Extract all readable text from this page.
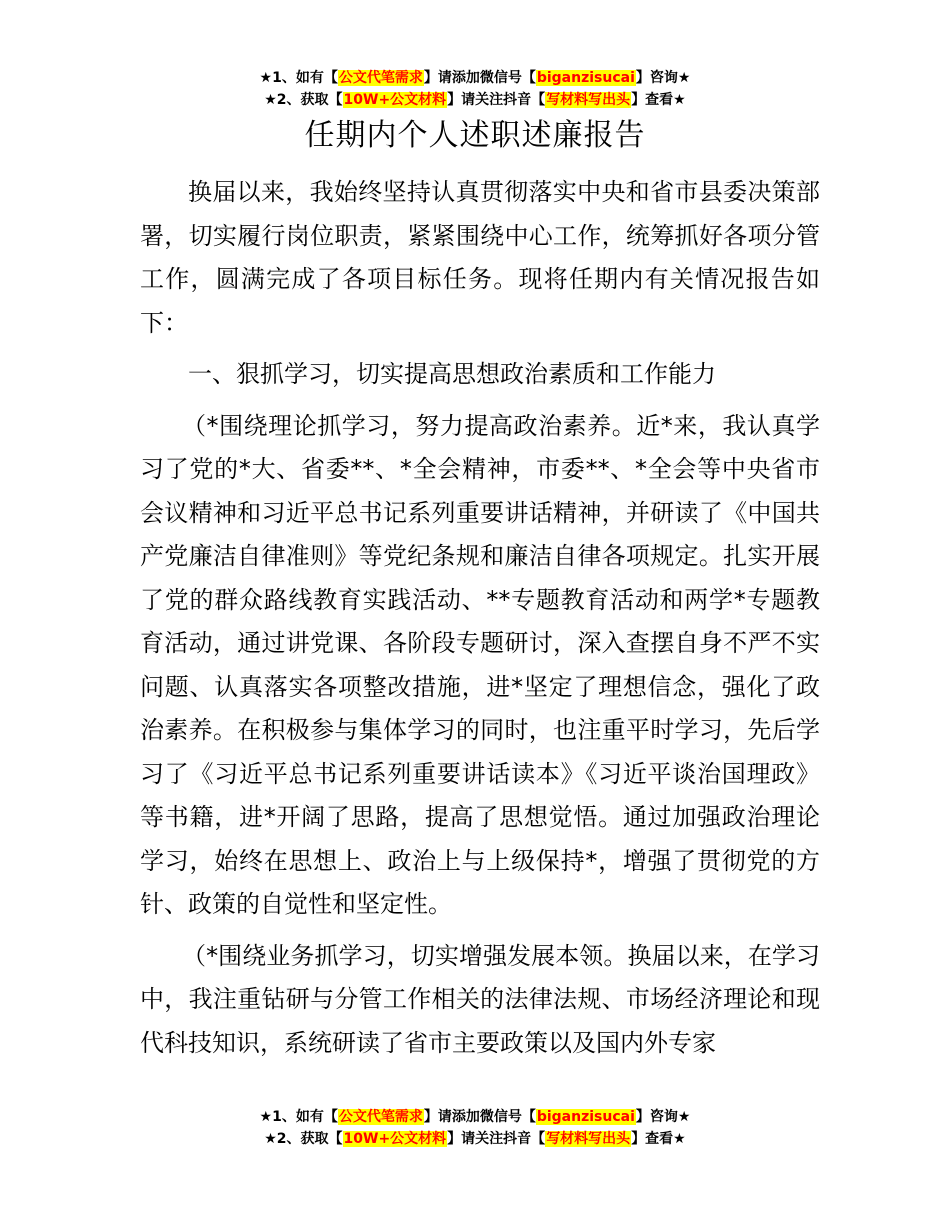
★1、如有【公文代笔需求】请添加微信号【biganzisucai】咨询★
★2、获取【10W+公文材料】请关注抖音【写材料写出头】查看★
任期内个人述职述廉报告

换届以来，我始终坚持认真贯彻落实中央和省市县委决策部署，切实履行岗位职责，紧紧围绕中心工作，统筹抓好各项分管工作，圆满完成了各项目标任务。现将任期内有关情况报告如下：

一、狠抓学习，切实提高思想政治素质和工作能力

（*围绕理论抓学习，努力提高政治素养。近*来，我认真学习了党的*大、省委**、*全会精神，市委**、*全会等中央省市会议精神和习近平总书记系列重要讲话精神，并研读了《中国共产党廉洁自律准则》等党纪条规和廉洁自律各项规定。扎实开展了党的群众路线教育实践活动、**专题教育活动和两学*专题教育活动，通过讲党课、各阶段专题研讨，深入查摆自身不严不实问题、认真落实各项整改措施，进*坚定了理想信念，强化了政治素养。在积极参与集体学习的同时，也注重平时学习，先后学习了《习近平总书记系列重要讲话读本》《习近平谈治国理政》等书籍，进*开阔了思路，提高了思想觉悟。通过加强政治理论学习，始终在思想上、政治上与上级保持*，增强了贯彻党的方针、政策的自觉性和坚定性。

（*围绕业务抓学习，切实增强发展本领。换届以来，在学习中，我注重钻研与分管工作相关的法律法规、市场经济理论和现代科技知识，系统研读了省市主要政策以及国内外专家

★1、如有【公文代笔需求】请添加微信号【biganzisucai】咨询★
★2、获取【10W+公文材料】请关注抖音【写材料写出头】查看★
